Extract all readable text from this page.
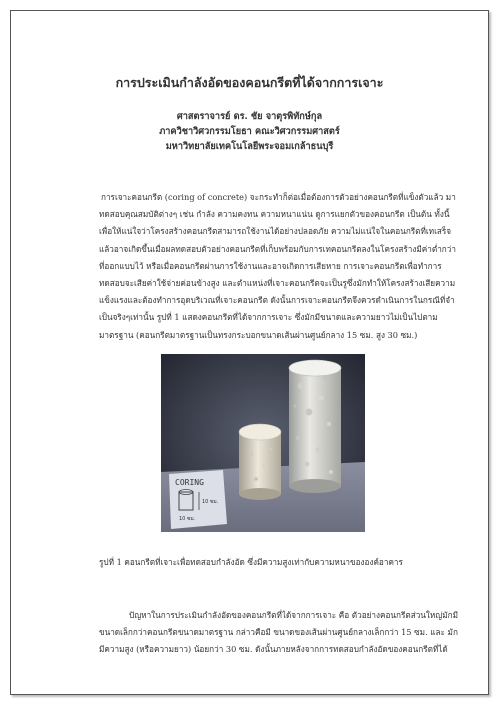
การประเมินกำลังอัดของคอนกรีตที่ได้จากการเจาะ
ศาสตราจารย์ ดร. ชัย จาตุรพิทักษ์กุล
ภาควิชาวิศวกรรมโยธา คณะวิศวกรรมศาสตร์
มหาวิทยาลัยเทคโนโลยีพระจอมเกล้าธนบุรี
การเจาะคอนกรีต (coring of concrete) จะกระทำก็ต่อเมื่อต้องการตัวอย่างคอนกรีตที่แข็งตัวแล้ว มาทดสอบคุณสมบัติต่างๆ เช่น กำลัง ความคงทน ความหนาแน่น ดูการแยกตัวของคอนกรีต เป็นต้น ทั้งนี้เพื่อให้แน่ใจว่าโครงสร้างคอนกรีตสามารถใช้งานได้อย่างปลอดภัย ความไม่แน่ใจในคอนกรีตที่เทเสร็จแล้วอาจเกิดขึ้นเมื่อผลทดสอบตัวอย่างคอนกรีตที่เก็บพร้อมกับการเทคอนกรีตลงในโครงสร้างมีค่าต่ำกว่าที่ออกแบบไว้ หรือเมื่อคอนกรีตผ่านการใช้งานและอาจเกิดการเสียหาย การเจาะคอนกรีตเพื่อทำการทดสอบจะเสียค่าใช้จ่ายค่อนข้างสูง และตำแหน่งที่เจาะคอนกรีตจะเป็นรูซึ่งมักทำให้โครงสร้างเสียความแข็งแรงและต้องทำการอุดบริเวณที่เจาะคอนกรีต ดังนั้นการเจาะคอนกรีตจึงควรดำเนินการในกรณีที่จำเป็นจริงๆเท่านั้น รูปที่ 1 แสดงคอนกรีตที่ได้จากการเจาะ ซึ่งมักมีขนาดและความยาวไม่เป็นไปตามมาตรฐาน (คอนกรีตมาตรฐานเป็นทรงกระบอกขนาดเส้นผ่านศูนย์กลาง 15 ซม. สูง 30 ซม.)
CORING
10 ซม.
10 ซม.
รูปที่ 1 คอนกรีตที่เจาะเพื่อทดสอบกำลังอัด ซึ่งมีความสูงเท่ากับความหนาขององค์อาคาร
ปัญหาในการประเมินกำลังอัดของคอนกรีตที่ได้จากการเจาะ คือ ตัวอย่างคอนกรีตส่วนใหญ่มักมีขนาดเล็กกว่าคอนกรีตขนาดมาตรฐาน กล่าวคือมี ขนาดของเส้นผ่านศูนย์กลางเล็กกว่า 15 ซม. และ มักมีความสูง (หรือความยาว) น้อยกว่า 30 ซม. ดังนั้นภายหลังจากการทดสอบกำลังอัดของคอนกรีตที่ได้
